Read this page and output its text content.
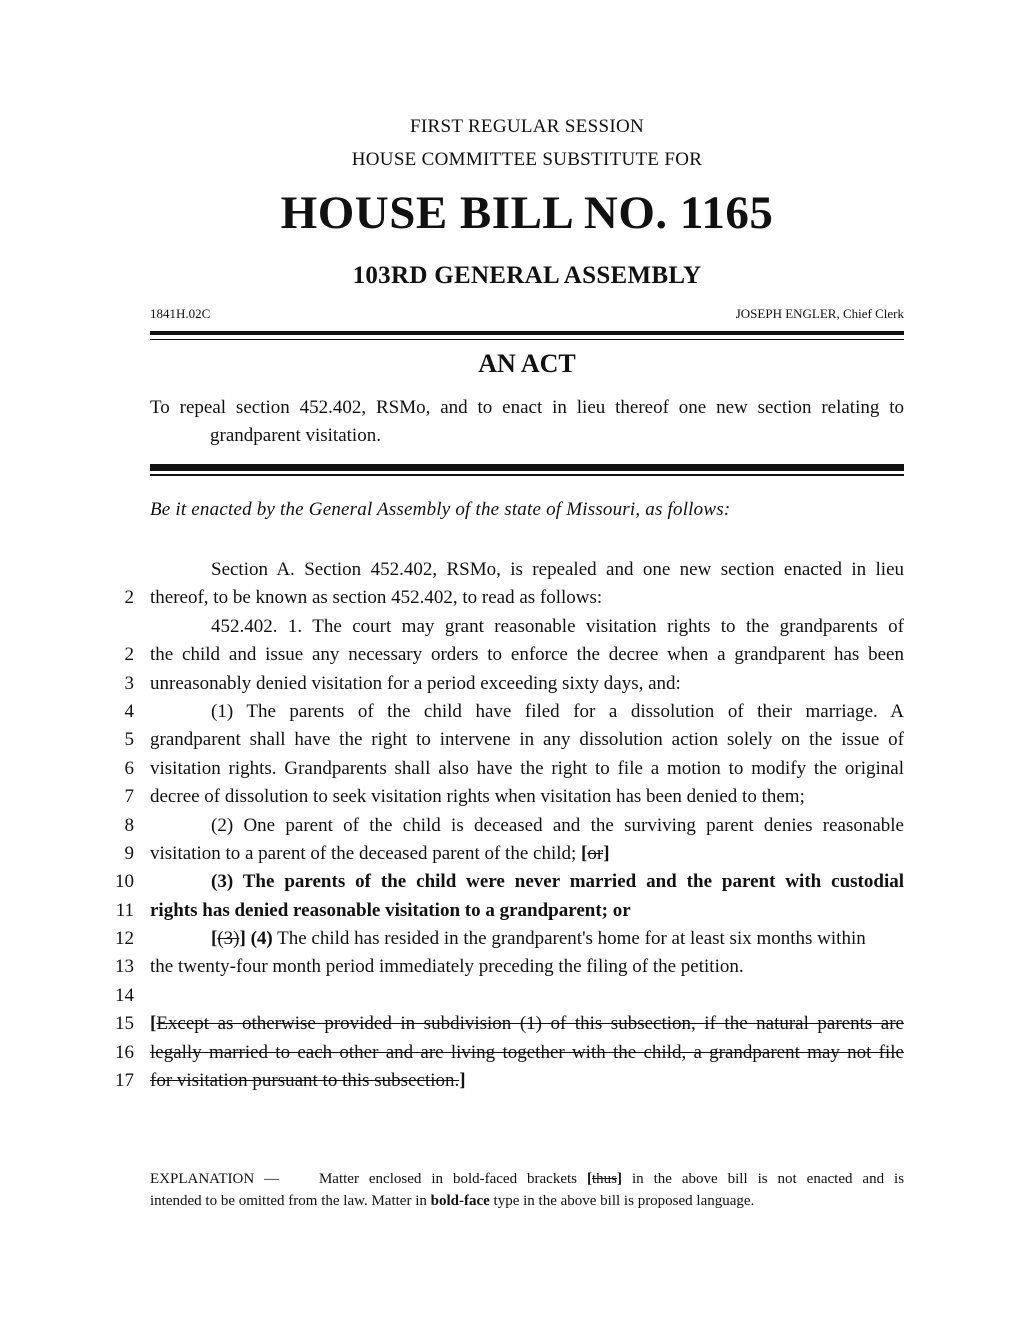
FIRST REGULAR SESSION
HOUSE COMMITTEE SUBSTITUTE FOR
HOUSE BILL NO. 1165
103RD GENERAL ASSEMBLY
1841H.02C	JOSEPH ENGLER, Chief Clerk
AN ACT
To repeal section 452.402, RSMo, and to enact in lieu thereof one new section relating to
grandparent visitation.
Be it enacted by the General Assembly of the state of Missouri, as follows:
Section A. Section 452.402, RSMo, is repealed and one new section enacted in lieu
2 thereof, to be known as section 452.402, to read as follows:
452.402. 1. The court may grant reasonable visitation rights to the grandparents of
2 the child and issue any necessary orders to enforce the decree when a grandparent has been
3 unreasonably denied visitation for a period exceeding sixty days, and:
4	(1) The parents of the child have filed for a dissolution of their marriage. A
5 grandparent shall have the right to intervene in any dissolution action solely on the issue of
6 visitation rights. Grandparents shall also have the right to file a motion to modify the original
7 decree of dissolution to seek visitation rights when visitation has been denied to them;
8	(2) One parent of the child is deceased and the surviving parent denies reasonable
9 visitation to a parent of the deceased parent of the child; [or]
10	(3) The parents of the child were never married and the parent with custodial
11 rights has denied reasonable visitation to a grandparent; or
12	[(3)] (4) The child has resided in the grandparent's home for at least six months within
13 the twenty-four month period immediately preceding the filing of the petition.
14
15 [Except as otherwise provided in subdivision (1) of this subsection, if the natural parents are
16 legally married to each other and are living together with the child, a grandparent may not file
17 for visitation pursuant to this subsection.]
EXPLANATION —	Matter enclosed in bold-faced brackets [thus] in the above bill is not enacted and is
intended to be omitted from the law. Matter in bold-face type in the above bill is proposed language.
